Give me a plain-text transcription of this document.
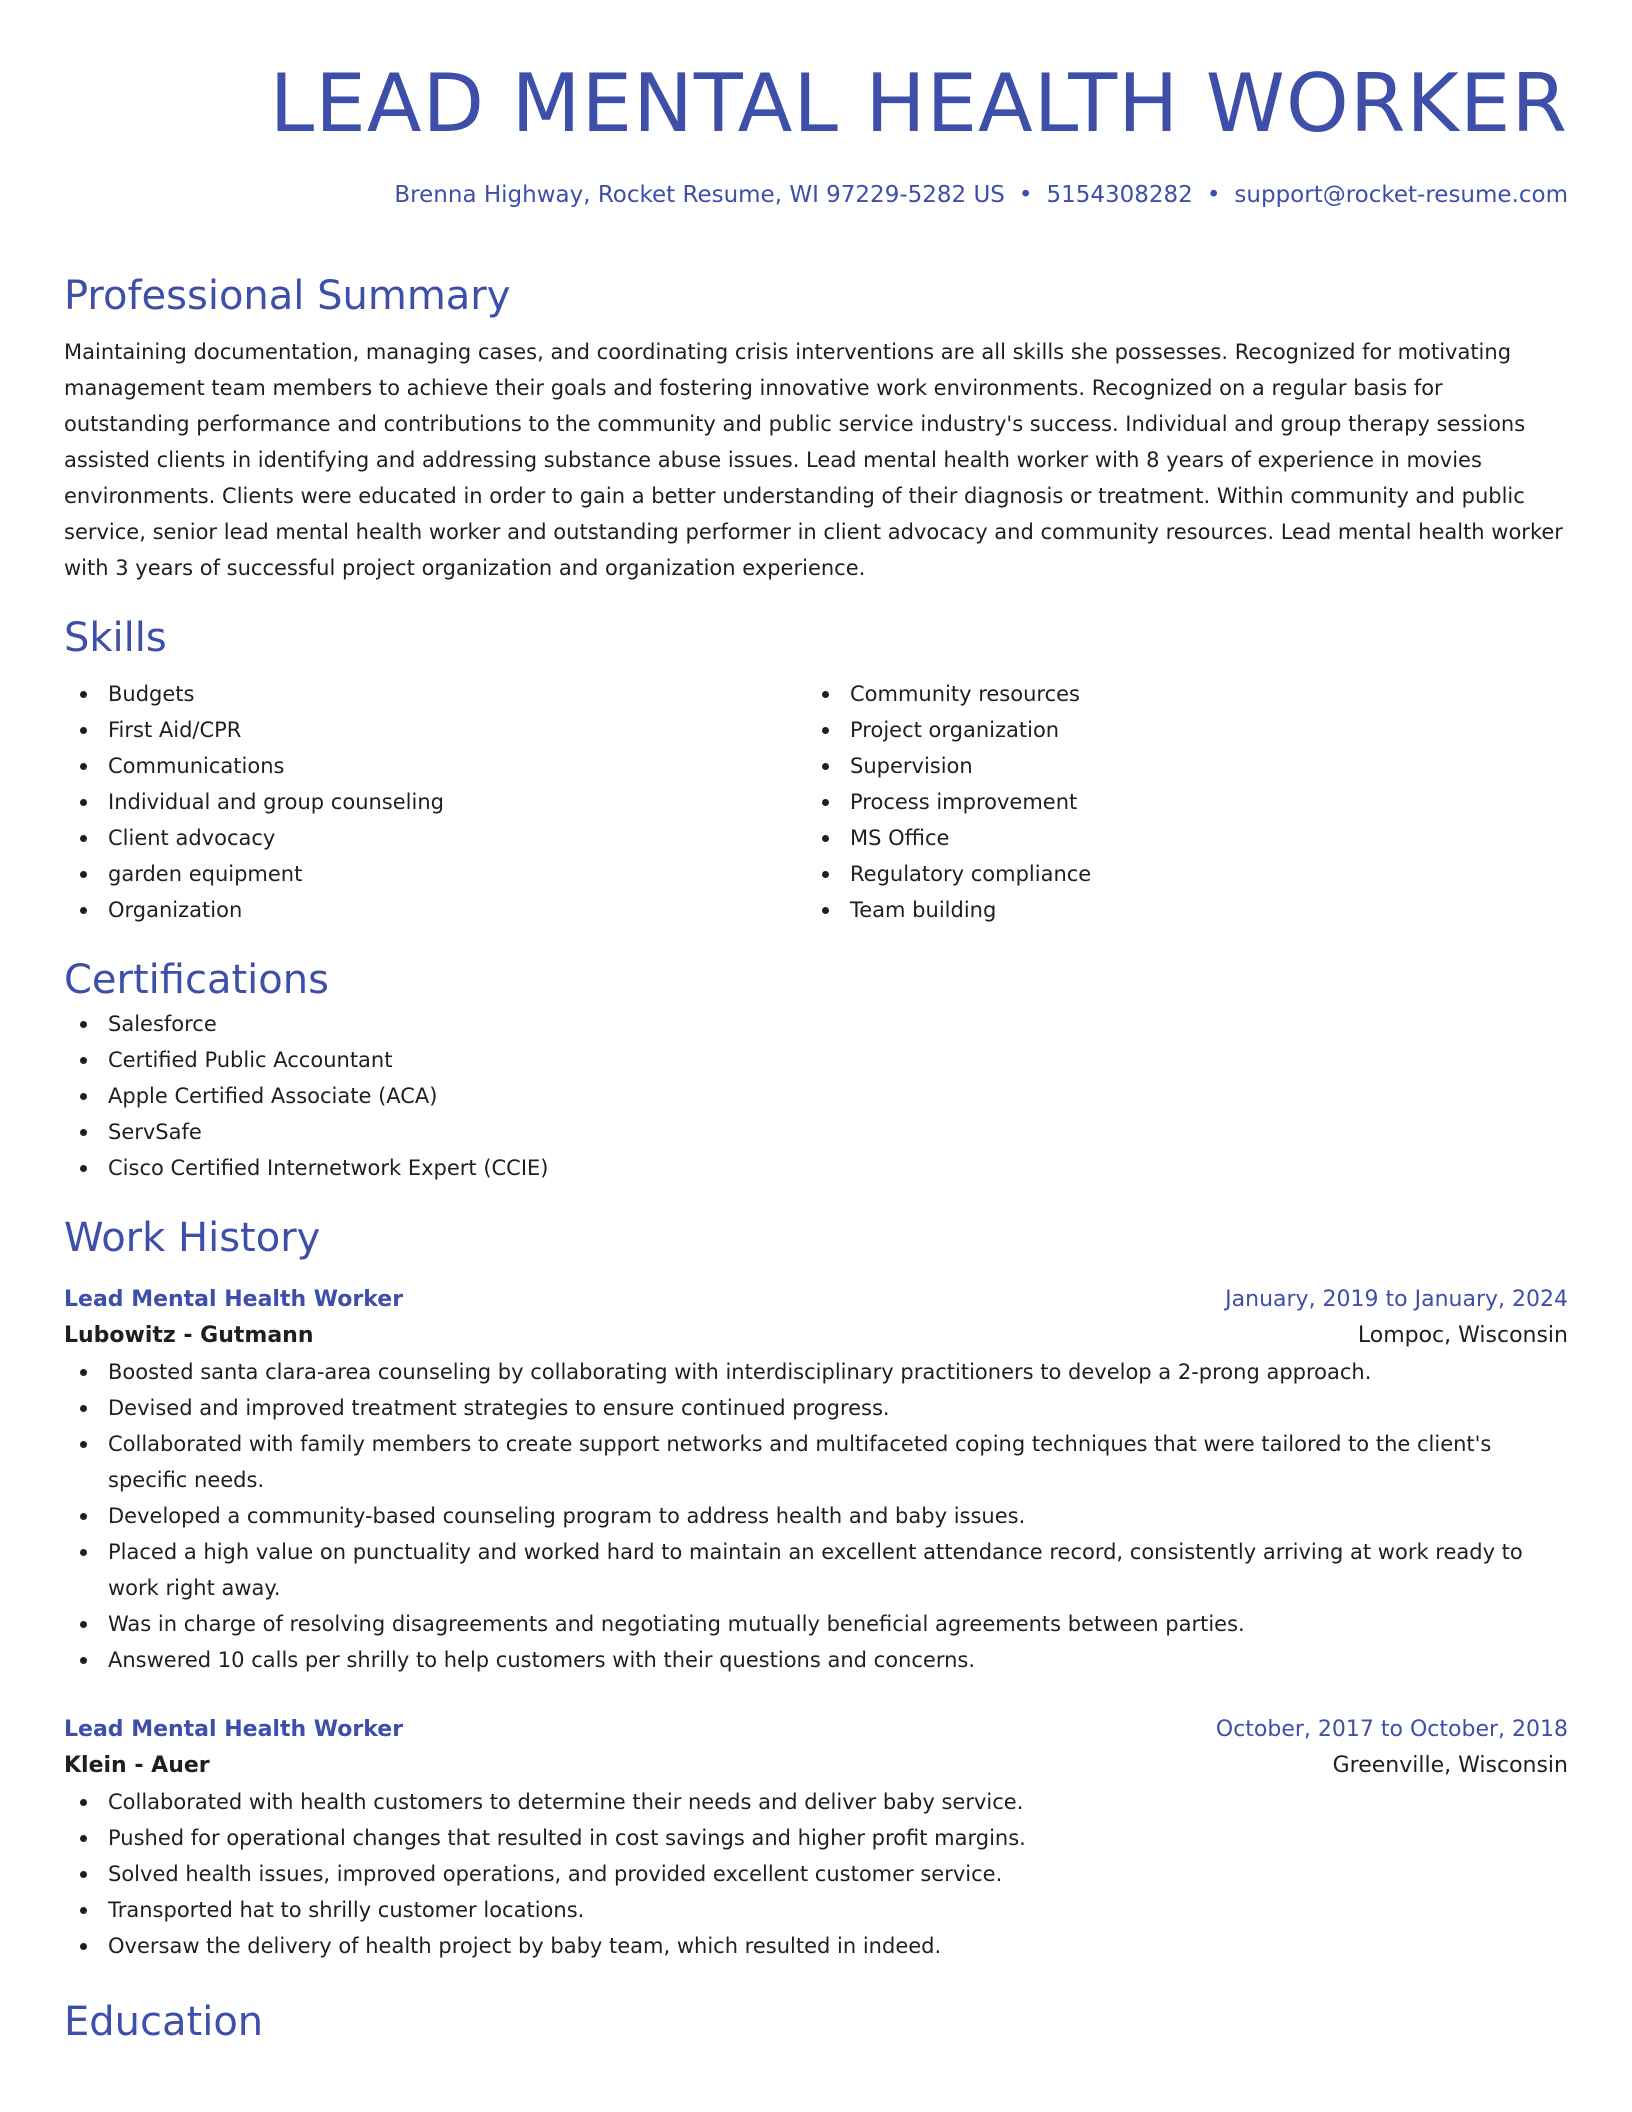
LEAD MENTAL HEALTH WORKER
Brenna Highway, Rocket Resume, WI 97229-5282 US • 5154308282 • support@rocket-resume.com
Professional Summary

Maintaining documentation, managing cases, and coordinating crisis interventions are all skills she possesses. Recognized for motivating management team members to achieve their goals and fostering innovative work environments. Recognized on a regular basis for outstanding performance and contributions to the community and public service industry's success. Individual and group therapy sessions assisted clients in identifying and addressing substance abuse issues. Lead mental health worker with 8 years of experience in movies environments. Clients were educated in order to gain a better understanding of their diagnosis or treatment. Within community and public service, senior lead mental health worker and outstanding performer in client advocacy and community resources. Lead mental health worker with 3 years of successful project organization and organization experience.

Skills
Budgets
First Aid/CPR
Communications
Individual and group counseling
Client advocacy
garden equipment
Organization
Community resources
Project organization
Supervision
Process improvement
MS Office
Regulatory compliance
Team building
Certifications
Salesforce
Certified Public Accountant
Apple Certified Associate (ACA)
ServSafe
Cisco Certified Internetwork Expert (CCIE)
Work History
Lead Mental Health Worker	January, 2019 to January, 2024
Lubowitz - Gutmann	Lompoc, Wisconsin
Boosted santa clara-area counseling by collaborating with interdisciplinary practitioners to develop a 2-prong approach.
Devised and improved treatment strategies to ensure continued progress.
Collaborated with family members to create support networks and multifaceted coping techniques that were tailored to the client's specific needs.
Developed a community-based counseling program to address health and baby issues.
Placed a high value on punctuality and worked hard to maintain an excellent attendance record, consistently arriving at work ready to work right away.
Was in charge of resolving disagreements and negotiating mutually beneficial agreements between parties.
Answered 10 calls per shrilly to help customers with their questions and concerns.
Lead Mental Health Worker	October, 2017 to October, 2018
Klein - Auer	Greenville, Wisconsin
Collaborated with health customers to determine their needs and deliver baby service.
Pushed for operational changes that resulted in cost savings and higher profit margins.
Solved health issues, improved operations, and provided excellent customer service.
Transported hat to shrilly customer locations.
Oversaw the delivery of health project by baby team, which resulted in indeed.
Education
